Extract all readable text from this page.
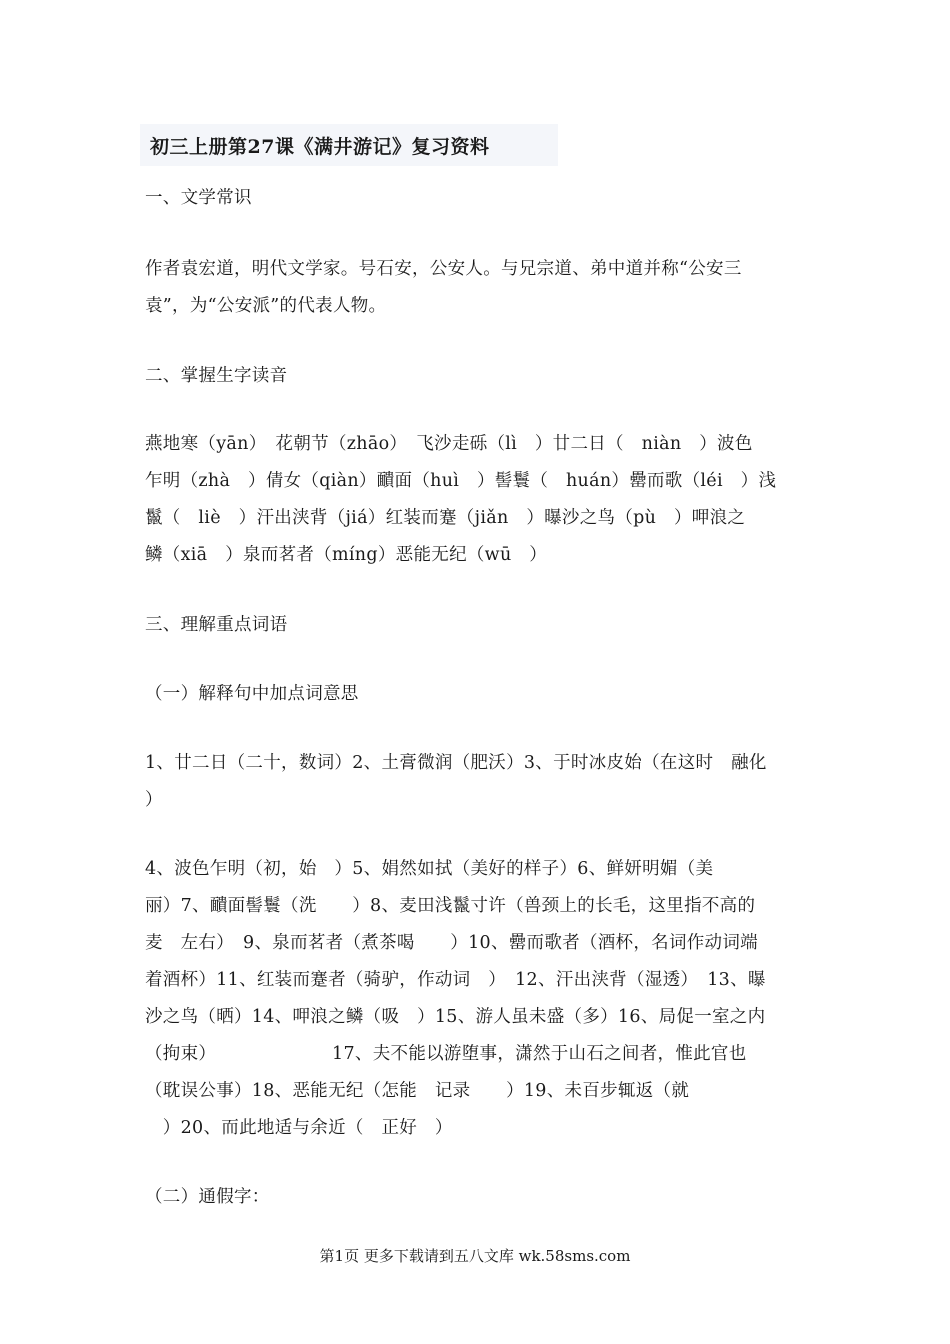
初三上册第27课《满井游记》复习资料
一、文学常识
作者袁宏道，明代文学家。号石安，公安人。与兄宗道、弟中道并称“公安三
袁”，为“公安派”的代表人物。
二、掌握生字读音
燕地寒（yān）　花朝节（zhāo）　飞沙走砾（lì　）廿二日（　niàn　）波色
乍明（zhà　）倩女（qiàn）靧面（huì　）髻鬟（　huán）罍而歌（léi　）浅
鬣（　liè　）汗出浃背（jiá）红装而蹇（jiǎn　）曝沙之鸟（pù　）呷浪之
鳞（xiā　）泉而茗者（míng）恶能无纪（wū　）
三、理解重点词语
（一）解释句中加点词意思
1、廿二日（二十，数词）2、土膏微润（肥沃）3、于时冰皮始（在这时　融化
）
4、波色乍明（初，始　）5、娟然如拭（美好的样子）6、鲜妍明媚（美
丽）7、靧面髻鬟（洗　　）8、麦田浅鬣寸许（兽颈上的长毛，这里指不高的
麦　左右）　9、泉而茗者（煮茶喝　　）10、罍而歌者（酒杯，名词作动词端
着酒杯）11、红装而蹇者（骑驴，作动词　）　12、汗出浃背（湿透）　13、曝
沙之鸟（晒）14、呷浪之鳞（吸　）15、游人虽未盛（多）16、局促一室之内
（拘束）　　　　　　　17、夫不能以游堕事，潇然于山石之间者，惟此官也
（耽误公事）18、恶能无纪（怎能　记录　　）19、未百步辄返（就
　）20、而此地适与余近（　正好　）
（二）通假字：
第1页 更多下载请到五八文库 wk.58sms.com
